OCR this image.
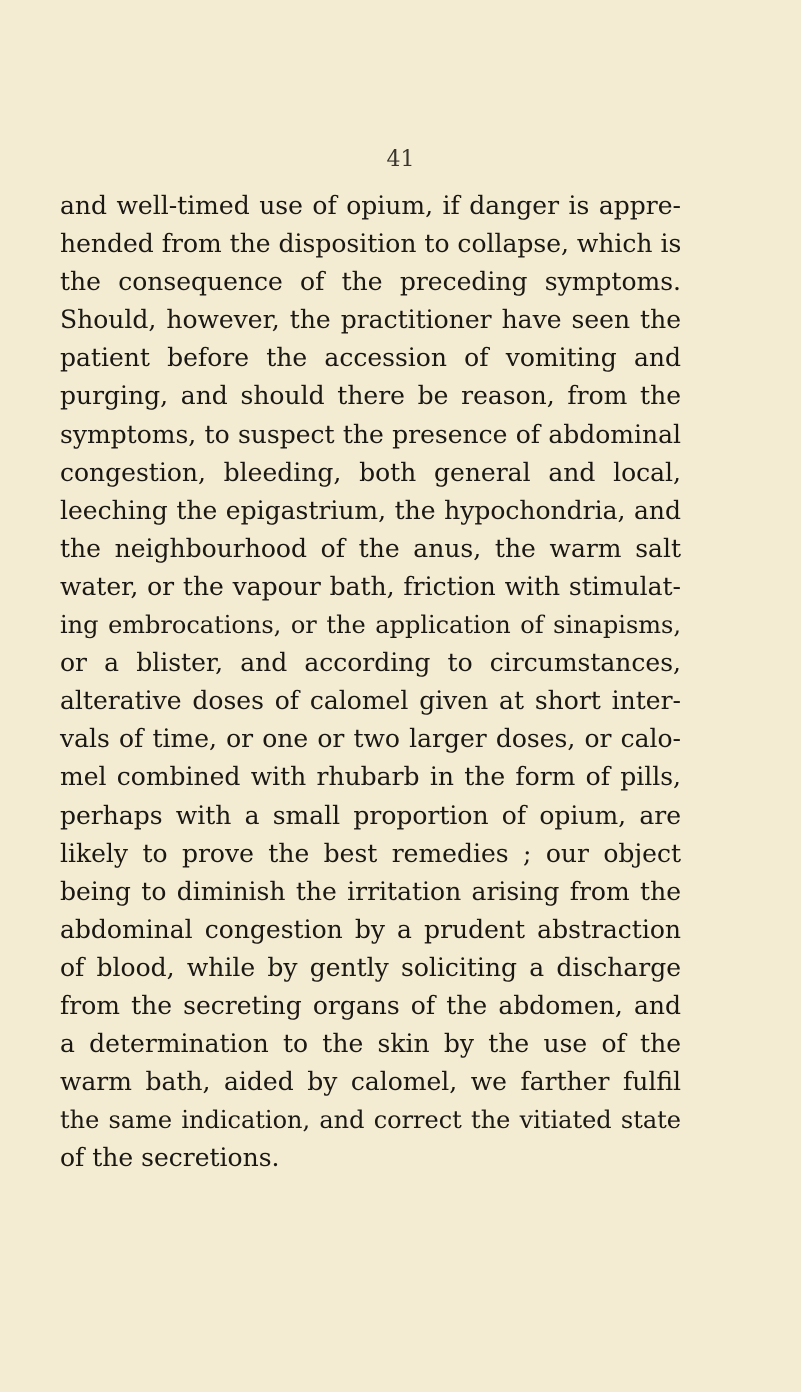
41
and well-timed use of opium, if danger is appre-
hended from the disposition to collapse, which is
the consequence of the preceding symptoms.
Should, however, the practitioner have seen the
patient before the accession of vomiting and
purging, and should there be reason, from the
symptoms, to suspect the presence of abdominal
congestion, bleeding, both general and local,
leeching the epigastrium, the hypochondria, and
the neighbourhood of the anus, the warm salt
water, or the vapour bath, friction with stimulat-
ing embrocations, or the application of sinapisms,
or a blister, and according to circumstances,
alterative doses of calomel given at short inter-
vals of time, or one or two larger doses, or calo-
mel combined with rhubarb in the form of pills,
perhaps with a small proportion of opium, are
likely to prove the best remedies ; our object
being to diminish the irritation arising from the
abdominal congestion by a prudent abstraction
of blood, while by gently soliciting a discharge
from the secreting organs of the abdomen, and
a determination to the skin by the use of the
warm bath, aided by calomel, we farther fulfil
the same indication, and correct the vitiated state
of the secretions.
